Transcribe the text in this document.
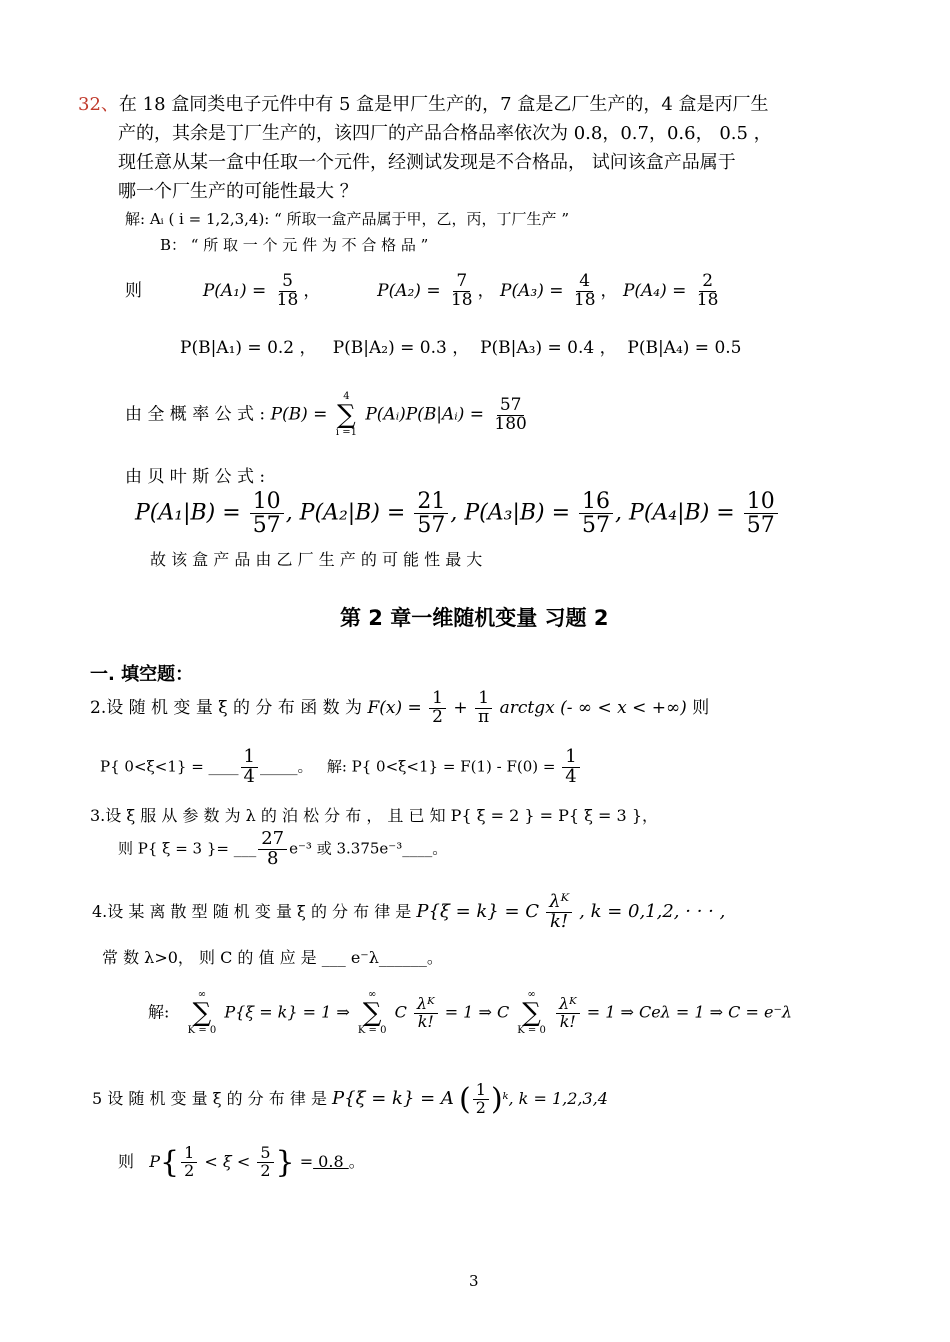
32、在 18 盒同类电子元件中有 5 盒是甲厂生产的，7 盒是乙厂生产的，4 盒是丙厂生
产的，其余是丁厂生产的，该四厂的产品合格品率依次为 0.8，0.7，0.6， 0.5 ，
现任意从某一盒中任取一个元件，经测试发现是不合格品， 试问该盒产品属于
哪一个厂生产的可能性最大 ？
解: Aᵢ ( i = 1,2,3,4): “ 所取一盒产品属于甲，乙，丙，丁厂生产 ”
B： “ 所 取 一 个 元 件 为 不 合 格 品 ”
则	$P(A_1) = \frac{5}{18}$ ，	$P(A_2) = \frac{7}{18}$ ， $P(A_3) = \frac{4}{18}$ ， $P(A_4) = \frac{2}{18}$
P(B|A₁) = 0.2 ， P(B|A₂) = 0.3 ， P(B|A₃) = 0.4 ， P(B|A₄) = 0.5
由 全 概 率 公 式 : P(B) =
4
∑
i =1
P(Aᵢ)P(B|Aᵢ) = $\frac{57}{180}$
由 贝 叶 斯 公 式 :
$P(A_1|B) = \frac{10}{57}$ , $P(A_2|B) = \frac{21}{57}$ , $P(A_3|B) = \frac{16}{57}$ , $P(A_4|B) = \frac{10}{57}$
故 该 盒 产 品 由 乙 厂 生 产 的 可 能 性 最 大
第 2 章一维随机变量 习题 2
一. 填空题：
2.设 随 机 变 量 ξ 的 分 布 函 数 为 $F(x) = \frac{1}{2} + \frac{1}{\pi}$ arctgx (- ∞ < x < +∞) 则
P{ 0<ξ<1} = ____ $\frac{1}{4}$ _____。 解: P{ $0<\xi<1\} = F(1) - F(0) = \frac{1}{4}$
3.设 ξ 服 从 参 数 为 λ 的 泊 松 分 布 ， 且 已 知 P{ ξ = 2 } = P{ ξ = 3 }，
则 P{ ξ = 3 }= ___ $\frac{27}{8} e^{-3}$ 或 3.375e⁻³____。
4.设 某 离 散 型 随 机 变 量 ξ 的 分 布 律 是 P{ξ = k} = C $\frac{\text{λᴷ}}{k!}$ , k = 0,1,2, · · · ,
常 数 λ>0， 则 C 的 值 应 是 ___ e⁻λ______。
解:
∞
∑
K = 0
P{ξ = k} = 1 ⇒
∞
∑
K = 0
C $\frac{\text{λᴷ}}{k!} = 1$ ⇒ C
∞
∑
K = 0

$\frac{\text{λᴷ}}{k!} = 1$ ⇒ Ceλ = 1 ⇒ C = e⁻λ
5 设 随 机 变 量 ξ 的 分 布 律 是 P{ξ = k} = A ( $\frac{1}{2}$ )ᵏ, k = 1,2,3,4
则 $P\{ \frac{1}{2} < \xi < \frac{5}{2}$ } = 0.8 。
3
